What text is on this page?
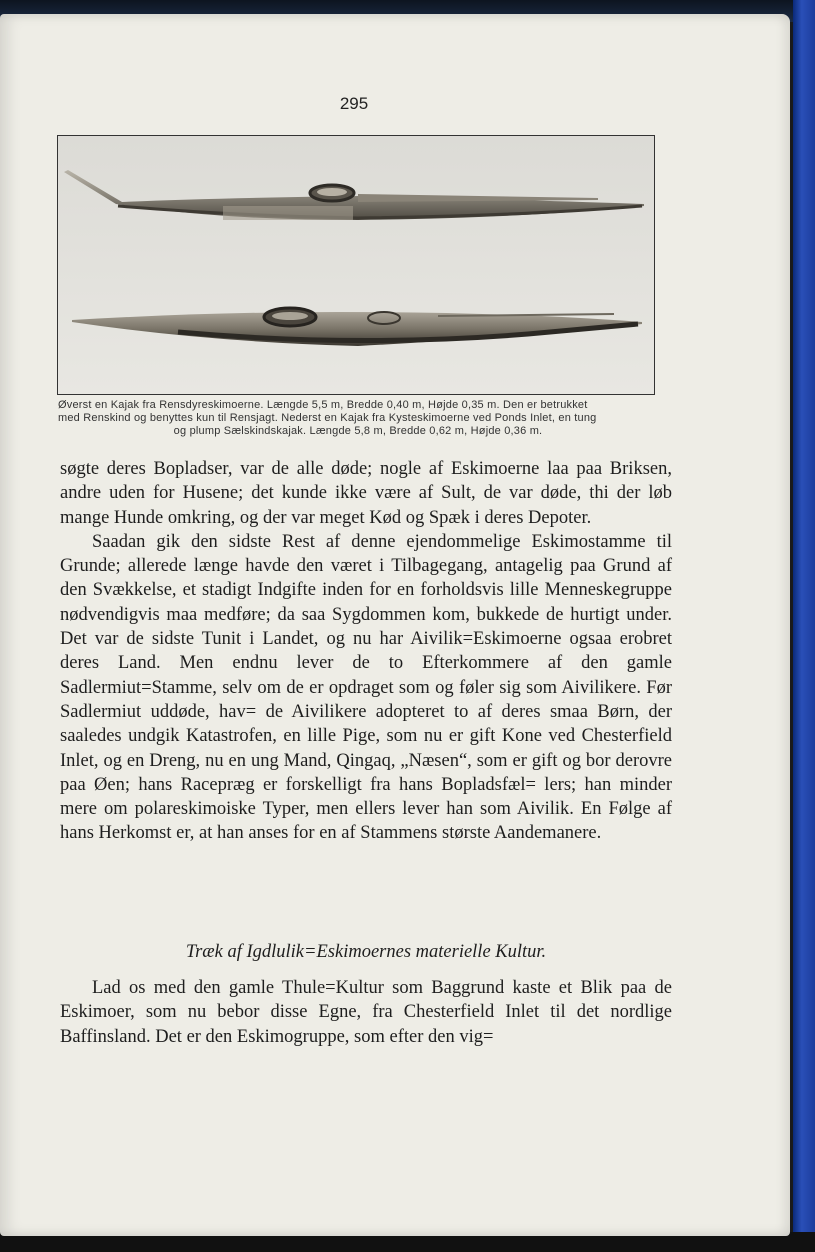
295
Øverst en Kajak fra Rensdyreskimoerne. Længde 5,5 m, Bredde 0,40 m, Højde 0,35 m. Den er betrukket
med Renskind og benyttes kun til Rensjagt. Nederst en Kajak fra Kysteskimoerne ved Ponds Inlet, en tung
og plump Sælskindskajak. Længde 5,8 m, Bredde 0,62 m, Højde 0,36 m.

søgte deres Bopladser, var de alle døde; nogle af Eskimoerne laa paa Briksen, andre uden for Husene; det kunde ikke være af Sult, de var døde, thi der løb mange Hunde omkring, og der var meget Kød og Spæk i deres Depoter.

Saadan gik den sidste Rest af denne ejendommelige Eskimostamme til Grunde; allerede længe havde den været i Tilbagegang, antagelig paa Grund af den Svækkelse, et stadigt Indgifte inden for en forholdsvis lille Menneskegruppe nødvendigvis maa medføre; da saa Sygdommen kom, bukkede de hurtigt under. Det var de sidste Tunit i Landet, og nu har Aivilik=Eskimoerne ogsaa erobret deres Land. Men endnu lever de to Efterkommere af den gamle Sadlermiut=Stamme, selv om de er opdraget som og føler sig som Aivilikere. Før Sadlermiut uddøde, hav= de Aivilikere adopteret to af deres smaa Børn, der saaledes undgik Katastrofen, en lille Pige, som nu er gift Kone ved Chesterfield Inlet, og en Dreng, nu en ung Mand, Qingaq, „Næsen“, som er gift og bor derovre paa Øen; hans Racepræg er forskelligt fra hans Bopladsfæl= lers; han minder mere om polareskimoiske Typer, men ellers lever han som Aivilik. En Følge af hans Herkomst er, at han anses for en af Stammens største Aandemanere.

Træk af Igdlulik=Eskimoernes materielle Kultur.

Lad os med den gamle Thule=Kultur som Baggrund kaste et Blik paa de Eskimoer, som nu bebor disse Egne, fra Chesterfield Inlet til det nordlige Baffinsland. Det er den Eskimogruppe, som efter den vig=
